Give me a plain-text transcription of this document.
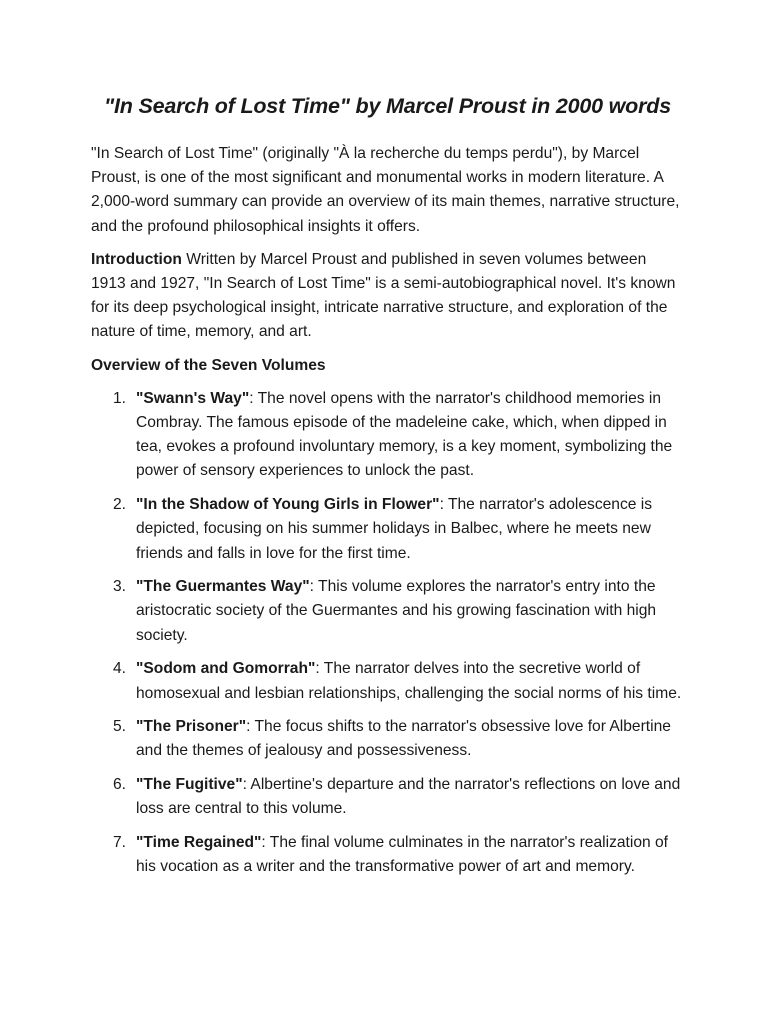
"In Search of Lost Time" by Marcel Proust in 2000 words

"In Search of Lost Time" (originally "À la recherche du temps perdu"), by Marcel Proust, is one of the most significant and monumental works in modern literature. A 2,000-word summary can provide an overview of its main themes, narrative structure, and the profound philosophical insights it offers.

Introduction Written by Marcel Proust and published in seven volumes between 1913 and 1927, "In Search of Lost Time" is a semi-autobiographical novel. It's known for its deep psychological insight, intricate narrative structure, and exploration of the nature of time, memory, and art.

Overview of the Seven Volumes

1. "Swann's Way": The novel opens with the narrator's childhood memories in Combray. The famous episode of the madeleine cake, which, when dipped in tea, evokes a profound involuntary memory, is a key moment, symbolizing the power of sensory experiences to unlock the past.
2. "In the Shadow of Young Girls in Flower": The narrator's adolescence is depicted, focusing on his summer holidays in Balbec, where he meets new friends and falls in love for the first time.
3. "The Guermantes Way": This volume explores the narrator's entry into the aristocratic society of the Guermantes and his growing fascination with high society.
4. "Sodom and Gomorrah": The narrator delves into the secretive world of homosexual and lesbian relationships, challenging the social norms of his time.
5. "The Prisoner": The focus shifts to the narrator's obsessive love for Albertine and the themes of jealousy and possessiveness.
6. "The Fugitive": Albertine's departure and the narrator's reflections on love and loss are central to this volume.
7. "Time Regained": The final volume culminates in the narrator's realization of his vocation as a writer and the transformative power of art and memory.
